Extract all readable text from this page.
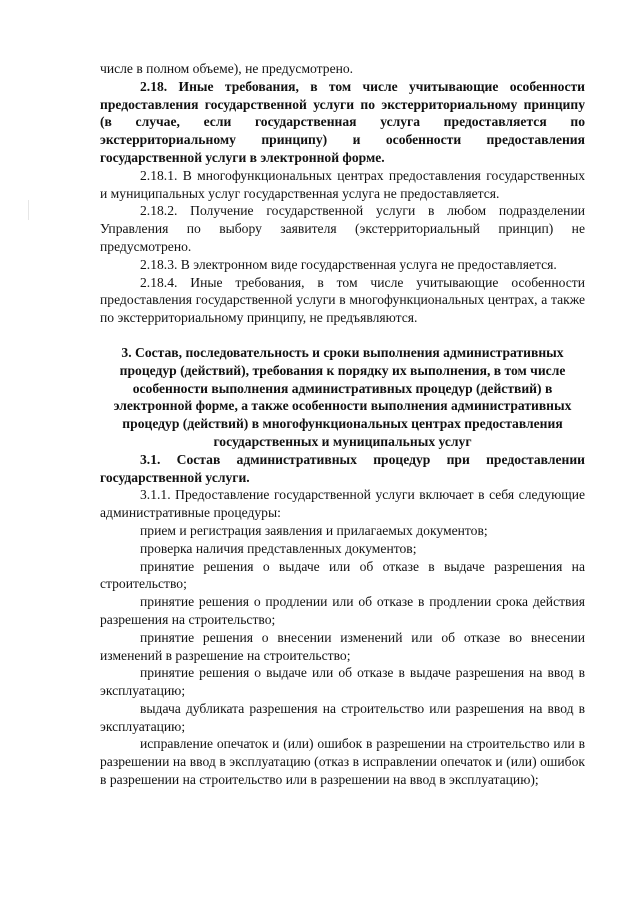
числе в полном объеме), не предусмотрено.

2.18. Иные требования, в том числе учитывающие особенности предоставления государственной услуги по экстерриториальному принципу (в случае, если государственная услуга предоставляется по экстерриториальному принципу) и особенности предоставления государственной услуги в электронной форме.

2.18.1. В многофункциональных центрах предоставления государственных и муниципальных услуг государственная услуга не предоставляется.

2.18.2. Получение государственной услуги в любом подразделении Управления по выбору заявителя (экстерриториальный принцип) не предусмотрено.

2.18.3. В электронном виде государственная услуга не предоставляется.

2.18.4. Иные требования, в том числе учитывающие особенности предоставления государственной услуги в многофункциональных центрах, а также по экстерриториальному принципу, не предъявляются.

3. Состав, последовательность и сроки выполнения административных процедур (действий), требования к порядку их выполнения, в том числе особенности выполнения административных процедур (действий) в электронной форме, а также особенности выполнения административных процедур (действий) в многофункциональных центрах предоставления государственных и муниципальных услуг

3.1. Состав административных процедур при предоставлении государственной услуги.

3.1.1. Предоставление государственной услуги включает в себя следующие административные процедуры:

прием и регистрация заявления и прилагаемых документов;

проверка наличия представленных документов;

принятие решения о выдаче или об отказе в выдаче разрешения на строительство;

принятие решения о продлении или об отказе в продлении срока действия разрешения на строительство;

принятие решения о внесении изменений или об отказе во внесении изменений в разрешение на строительство;

принятие решения о выдаче или об отказе в выдаче разрешения на ввод в эксплуатацию;

выдача дубликата разрешения на строительство или разрешения на ввод в эксплуатацию;

исправление опечаток и (или) ошибок в разрешении на строительство или в разрешении на ввод в эксплуатацию (отказ в исправлении опечаток и (или) ошибок в разрешении на строительство или в разрешении на ввод в эксплуатацию);
